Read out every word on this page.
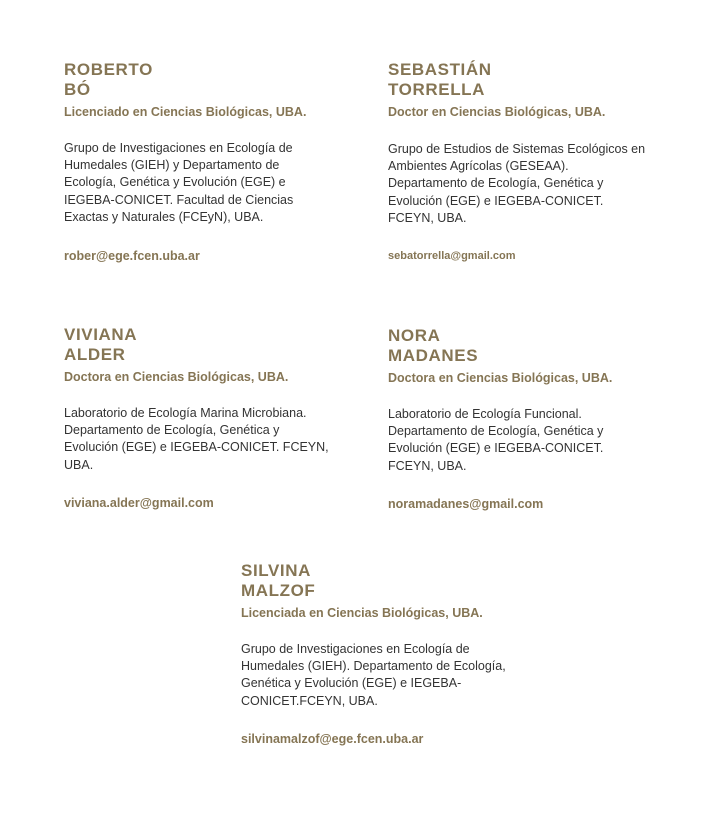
ROBERTO
BÓ

Licenciado en Ciencias Biológicas, UBA.

Grupo de Investigaciones en Ecología de Humedales (GIEH) y Departamento de Ecología, Genética y Evolución (EGE) e IEGEBA-CONICET. Facultad de Ciencias Exactas y Naturales (FCEyN), UBA.

rober@ege.fcen.uba.ar

SEBASTIÁN
TORRELLA

Doctor en Ciencias Biológicas, UBA.

Grupo de Estudios de Sistemas Ecológicos en Ambientes Agrícolas (GESEAA). Departamento de Ecología, Genética y Evolución (EGE) e IEGEBA-CONICET. FCEYN, UBA.

sebatorrella@gmail.com

VIVIANA
ALDER

Doctora en Ciencias Biológicas, UBA.

Laboratorio de Ecología Marina Microbiana. Departamento de Ecología, Genética y Evolución (EGE) e IEGEBA-CONICET. FCEYN, UBA.

viviana.alder@gmail.com

NORA
MADANES

Doctora en Ciencias Biológicas, UBA.

Laboratorio de Ecología Funcional. Departamento de Ecología, Genética y Evolución (EGE) e IEGEBA-CONICET. FCEYN, UBA.

noramadanes@gmail.com

SILVINA
MALZOF

Licenciada en Ciencias Biológicas, UBA.

Grupo de Investigaciones en Ecología de Humedales (GIEH). Departamento de Ecología, Genética y Evolución (EGE) e IEGEBA-CONICET.FCEYN, UBA.

silvinamalzof@ege.fcen.uba.ar
